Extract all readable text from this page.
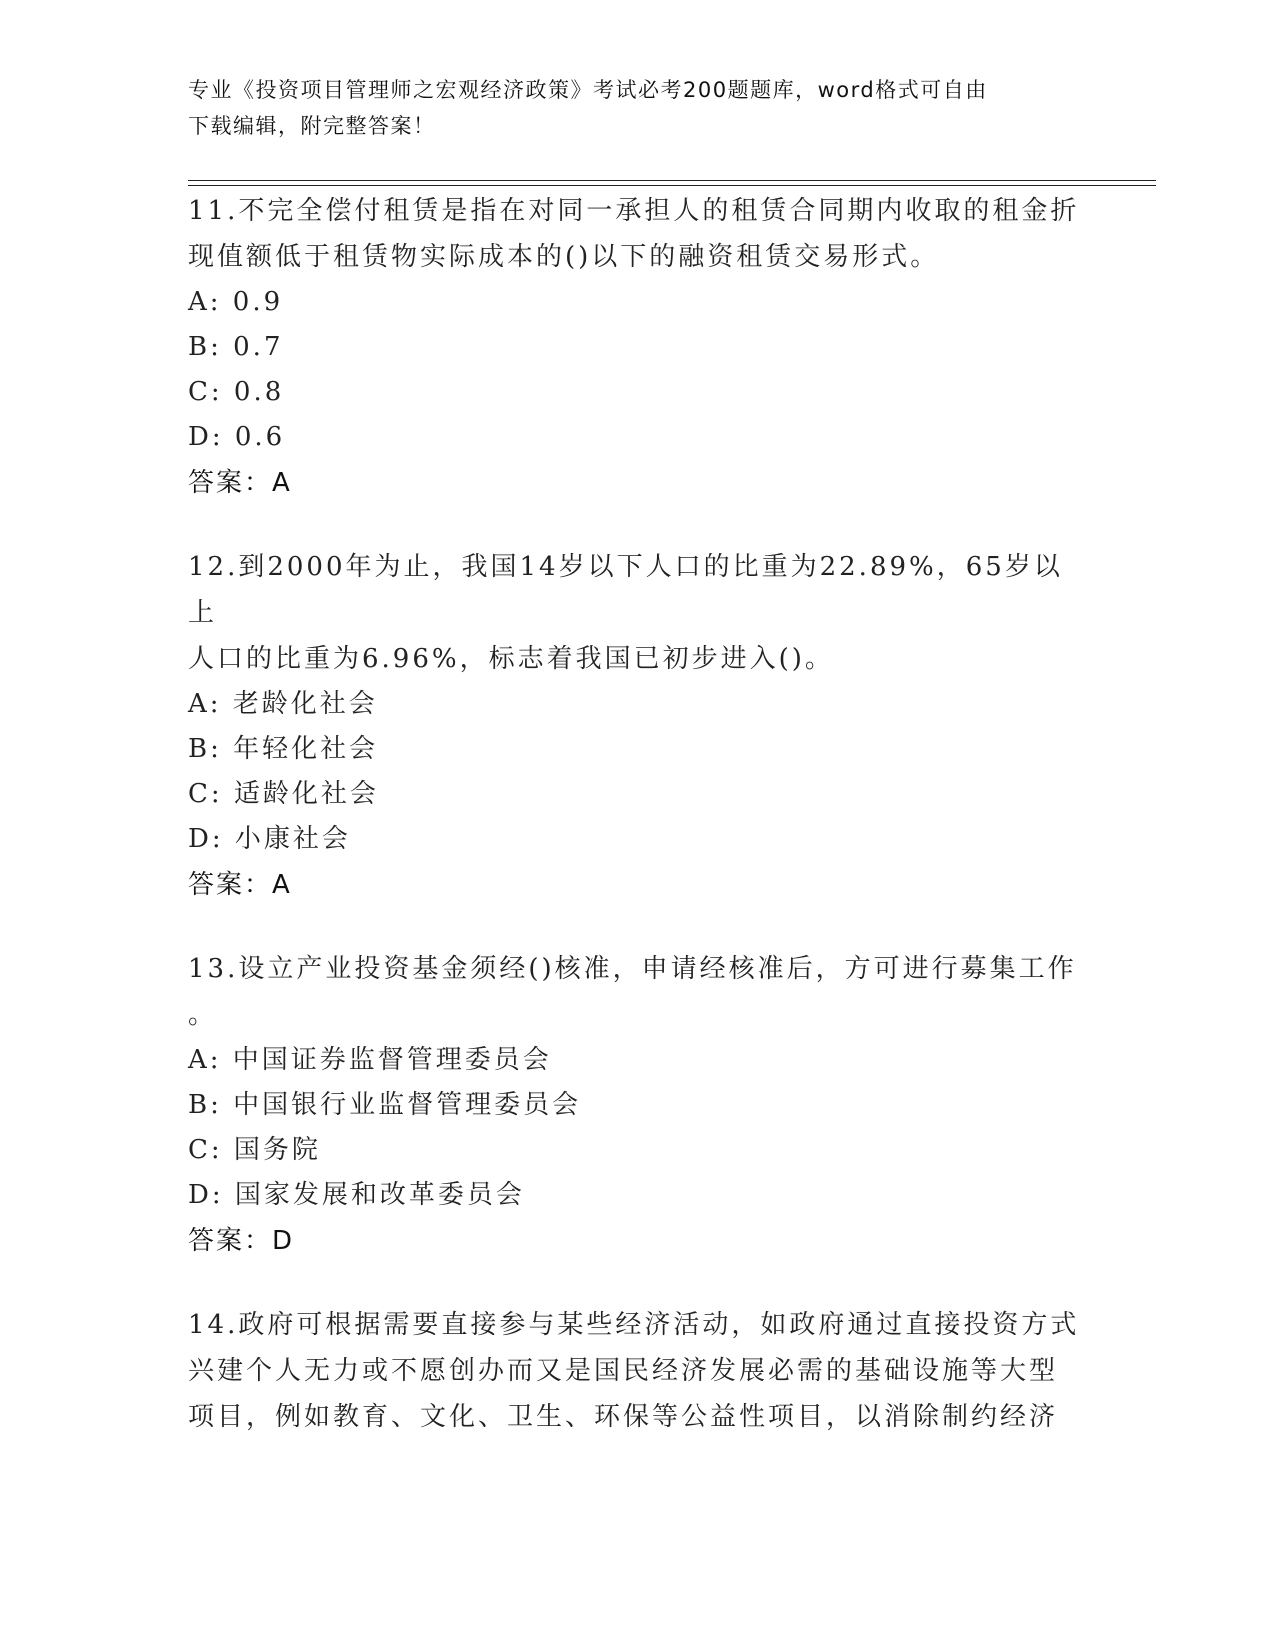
专业《投资项目管理师之宏观经济政策》考试必考200题题库，word格式可自由
下载编辑，附完整答案！

11.不完全偿付租赁是指在对同一承担人的租赁合同期内收取的租金折

现值额低于租赁物实际成本的()以下的融资租赁交易形式。

A: 0.9

B: 0.7

C: 0.8

D: 0.6

答案：A

12.到2000年为止，我国14岁以下人口的比重为22.89%，65岁以上

人口的比重为6.96%，标志着我国已初步进入()。

A: 老龄化社会

B: 年轻化社会

C: 适龄化社会

D: 小康社会

答案：A

13.设立产业投资基金须经()核准，申请经核准后，方可进行募集工作

。

A: 中国证券监督管理委员会

B: 中国银行业监督管理委员会

C: 国务院

D: 国家发展和改革委员会

答案：D

14.政府可根据需要直接参与某些经济活动，如政府通过直接投资方式

兴建个人无力或不愿创办而又是国民经济发展必需的基础设施等大型

项目，例如教育、文化、卫生、环保等公益性项目，以消除制约经济
